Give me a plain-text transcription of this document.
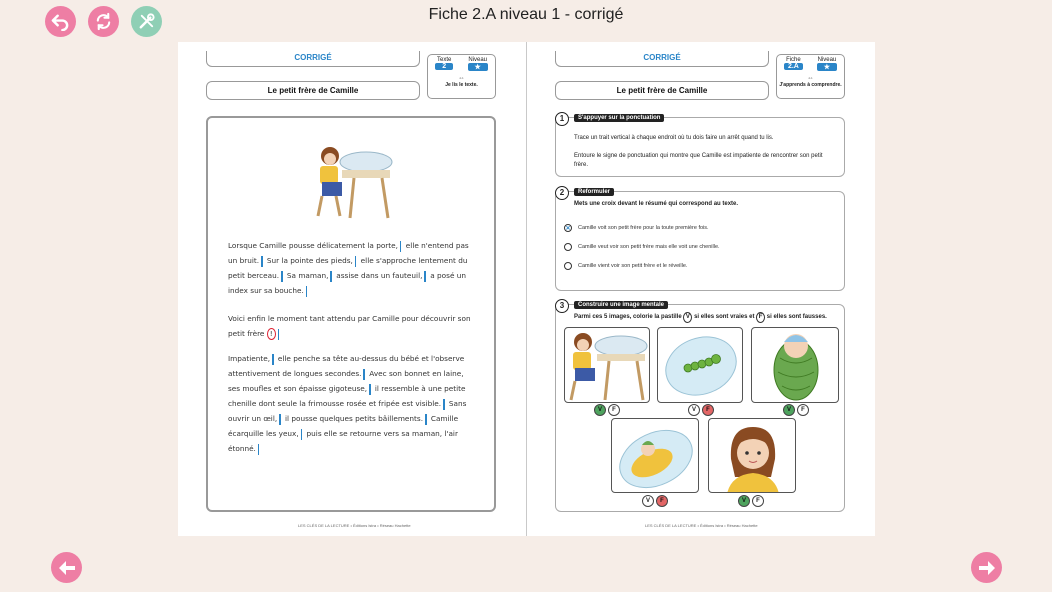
Fiche 2.A niveau 1 - corrigé
CORRIGÉ
Le petit frère de Camille
Texte
2
Niveau
★
◦◦
Je lis le texte.
Lorsque Camille pousse délicatement la porte, elle n'entend pas un bruit. Sur la pointe des pieds, elle s'approche lentement du petit berceau. Sa maman, assise dans un fauteuil, a posé un index sur sa bouche.
Voici enfin le moment tant attendu par Camille pour découvrir son petit frère !
Impatiente, elle penche sa tête au-dessus du bébé et l'observe attentivement de longues secondes. Avec son bonnet en laine, ses moufles et son épaisse gigoteuse, il ressemble à une petite chenille dont seule la frimousse rosée et fripée est visible. Sans ouvrir un œil, il pousse quelques petits bâillements. Camille écarquille les yeux, puis elle se retourne vers sa maman, l'air étonné.
LES CLÉS DE LA LECTURE • Éditions Istra • Réseau Hachette
CORRIGÉ
Le petit frère de Camille
Fiche
2.A
Niveau
★
◦◦
J'apprends à comprendre.
1	S'appuyer sur la ponctuation
Trace un trait vertical à chaque endroit où tu dois faire un arrêt quand tu lis.
Entoure le signe de ponctuation qui montre que Camille est impatiente de rencontrer son petit frère.
2	Reformuler
Mets une croix devant le résumé qui correspond au texte.
✕ Camille voit son petit frère pour la toute première fois.
Camille veut voir son petit frère mais elle voit une chenille.
Camille vient voir son petit frère et le réveille.
3	Construire une image mentale
Parmi ces 5 images, colorie la pastille V si elles sont vraies et F si elles sont fausses.
V	F	V	F	V	F
V	F	V	F
LES CLÉS DE LA LECTURE • Éditions Istra • Réseau Hachette
